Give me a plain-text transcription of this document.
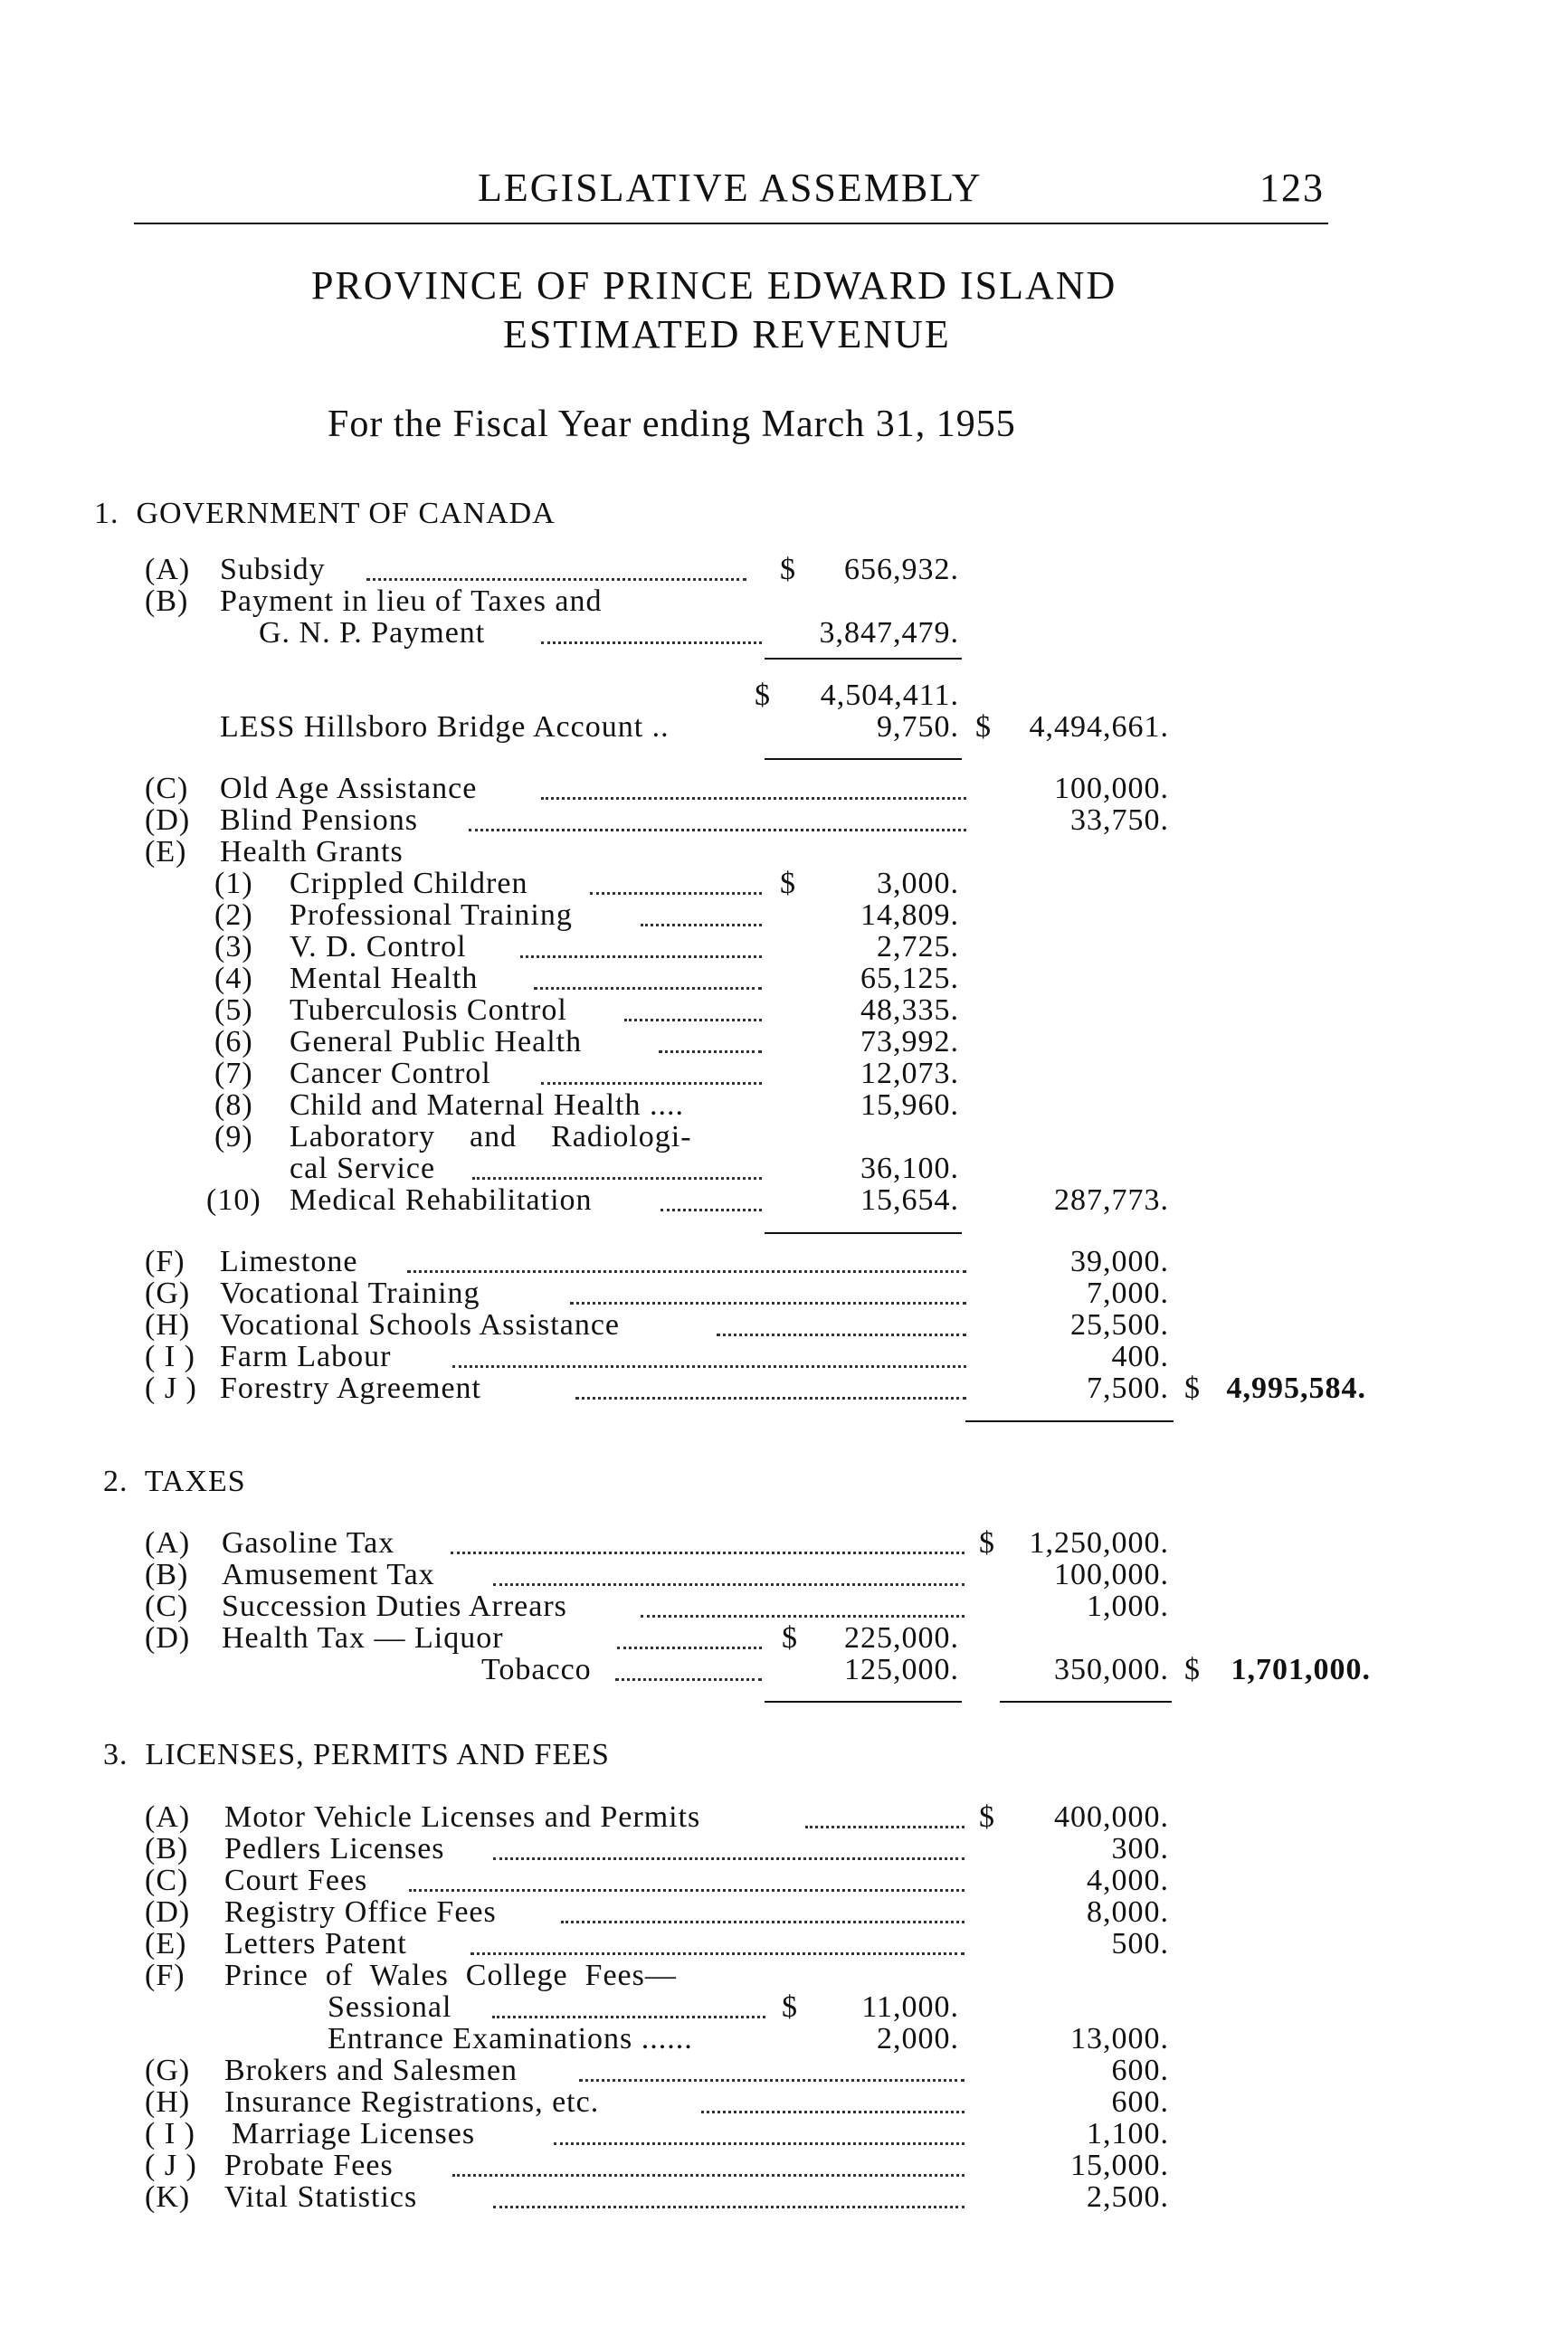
LEGISLATIVE ASSEMBLY	123
PROVINCE OF PRINCE EDWARD ISLAND
ESTIMATED REVENUE
For the Fiscal Year ending March 31, 1955
1.  GOVERNMENT OF CANADA
(A) Subsidy	$	656,932.
(B) Payment in lieu of Taxes and
G. N. P. Payment	3,847,479.
$	4,504,411.
LESS Hillsboro Bridge Account ..	9,750. $	4,494,661.
(C) Old Age Assistance	100,000.
(D) Blind Pensions	33,750.
(E) Health Grants
(1) Crippled Children	$	3,000.
(2) Professional Training	14,809.
(3) V. D. Control	2,725.
(4) Mental Health	65,125.
(5) Tuberculosis Control	48,335.
(6) General Public Health	73,992.
(7) Cancer Control	12,073.
(8) Child and Maternal Health ....	15,960.
(9) Laboratory    and    Radiologi-
cal Service	36,100.
(10) Medical Rehabilitation	15,654.	287,773.
(F) Limestone	39,000.
(G) Vocational Training	7,000.
(H) Vocational Schools Assistance	25,500.
( I ) Farm Labour	400.
( J ) Forestry Agreement	7,500. $ 4,995,584.
2.  TAXES
(A) Gasoline Tax	$	1,250,000.
(B) Amusement Tax	100,000.
(C) Succession Duties Arrears	1,000.
(D) Health Tax — Liquor	$	225,000.
Tobacco	125,000.	350,000. $ 1,701,000.
3.  LICENSES, PERMITS AND FEES
(A) Motor Vehicle Licenses and Permits	$	400,000.
(B) Pedlers Licenses	300.
(C) Court Fees	4,000.
(D) Registry Office Fees	8,000.
(E) Letters Patent	500.
(F) Prince  of  Wales  College  Fees—
Sessional	$	11,000.
Entrance Examinations ......	2,000.	13,000.
(G) Brokers and Salesmen	600.
(H) Insurance Registrations, etc.	600.
( I ) Marriage Licenses	1,100.
( J ) Probate Fees	15,000.
(K) Vital Statistics	2,500.
